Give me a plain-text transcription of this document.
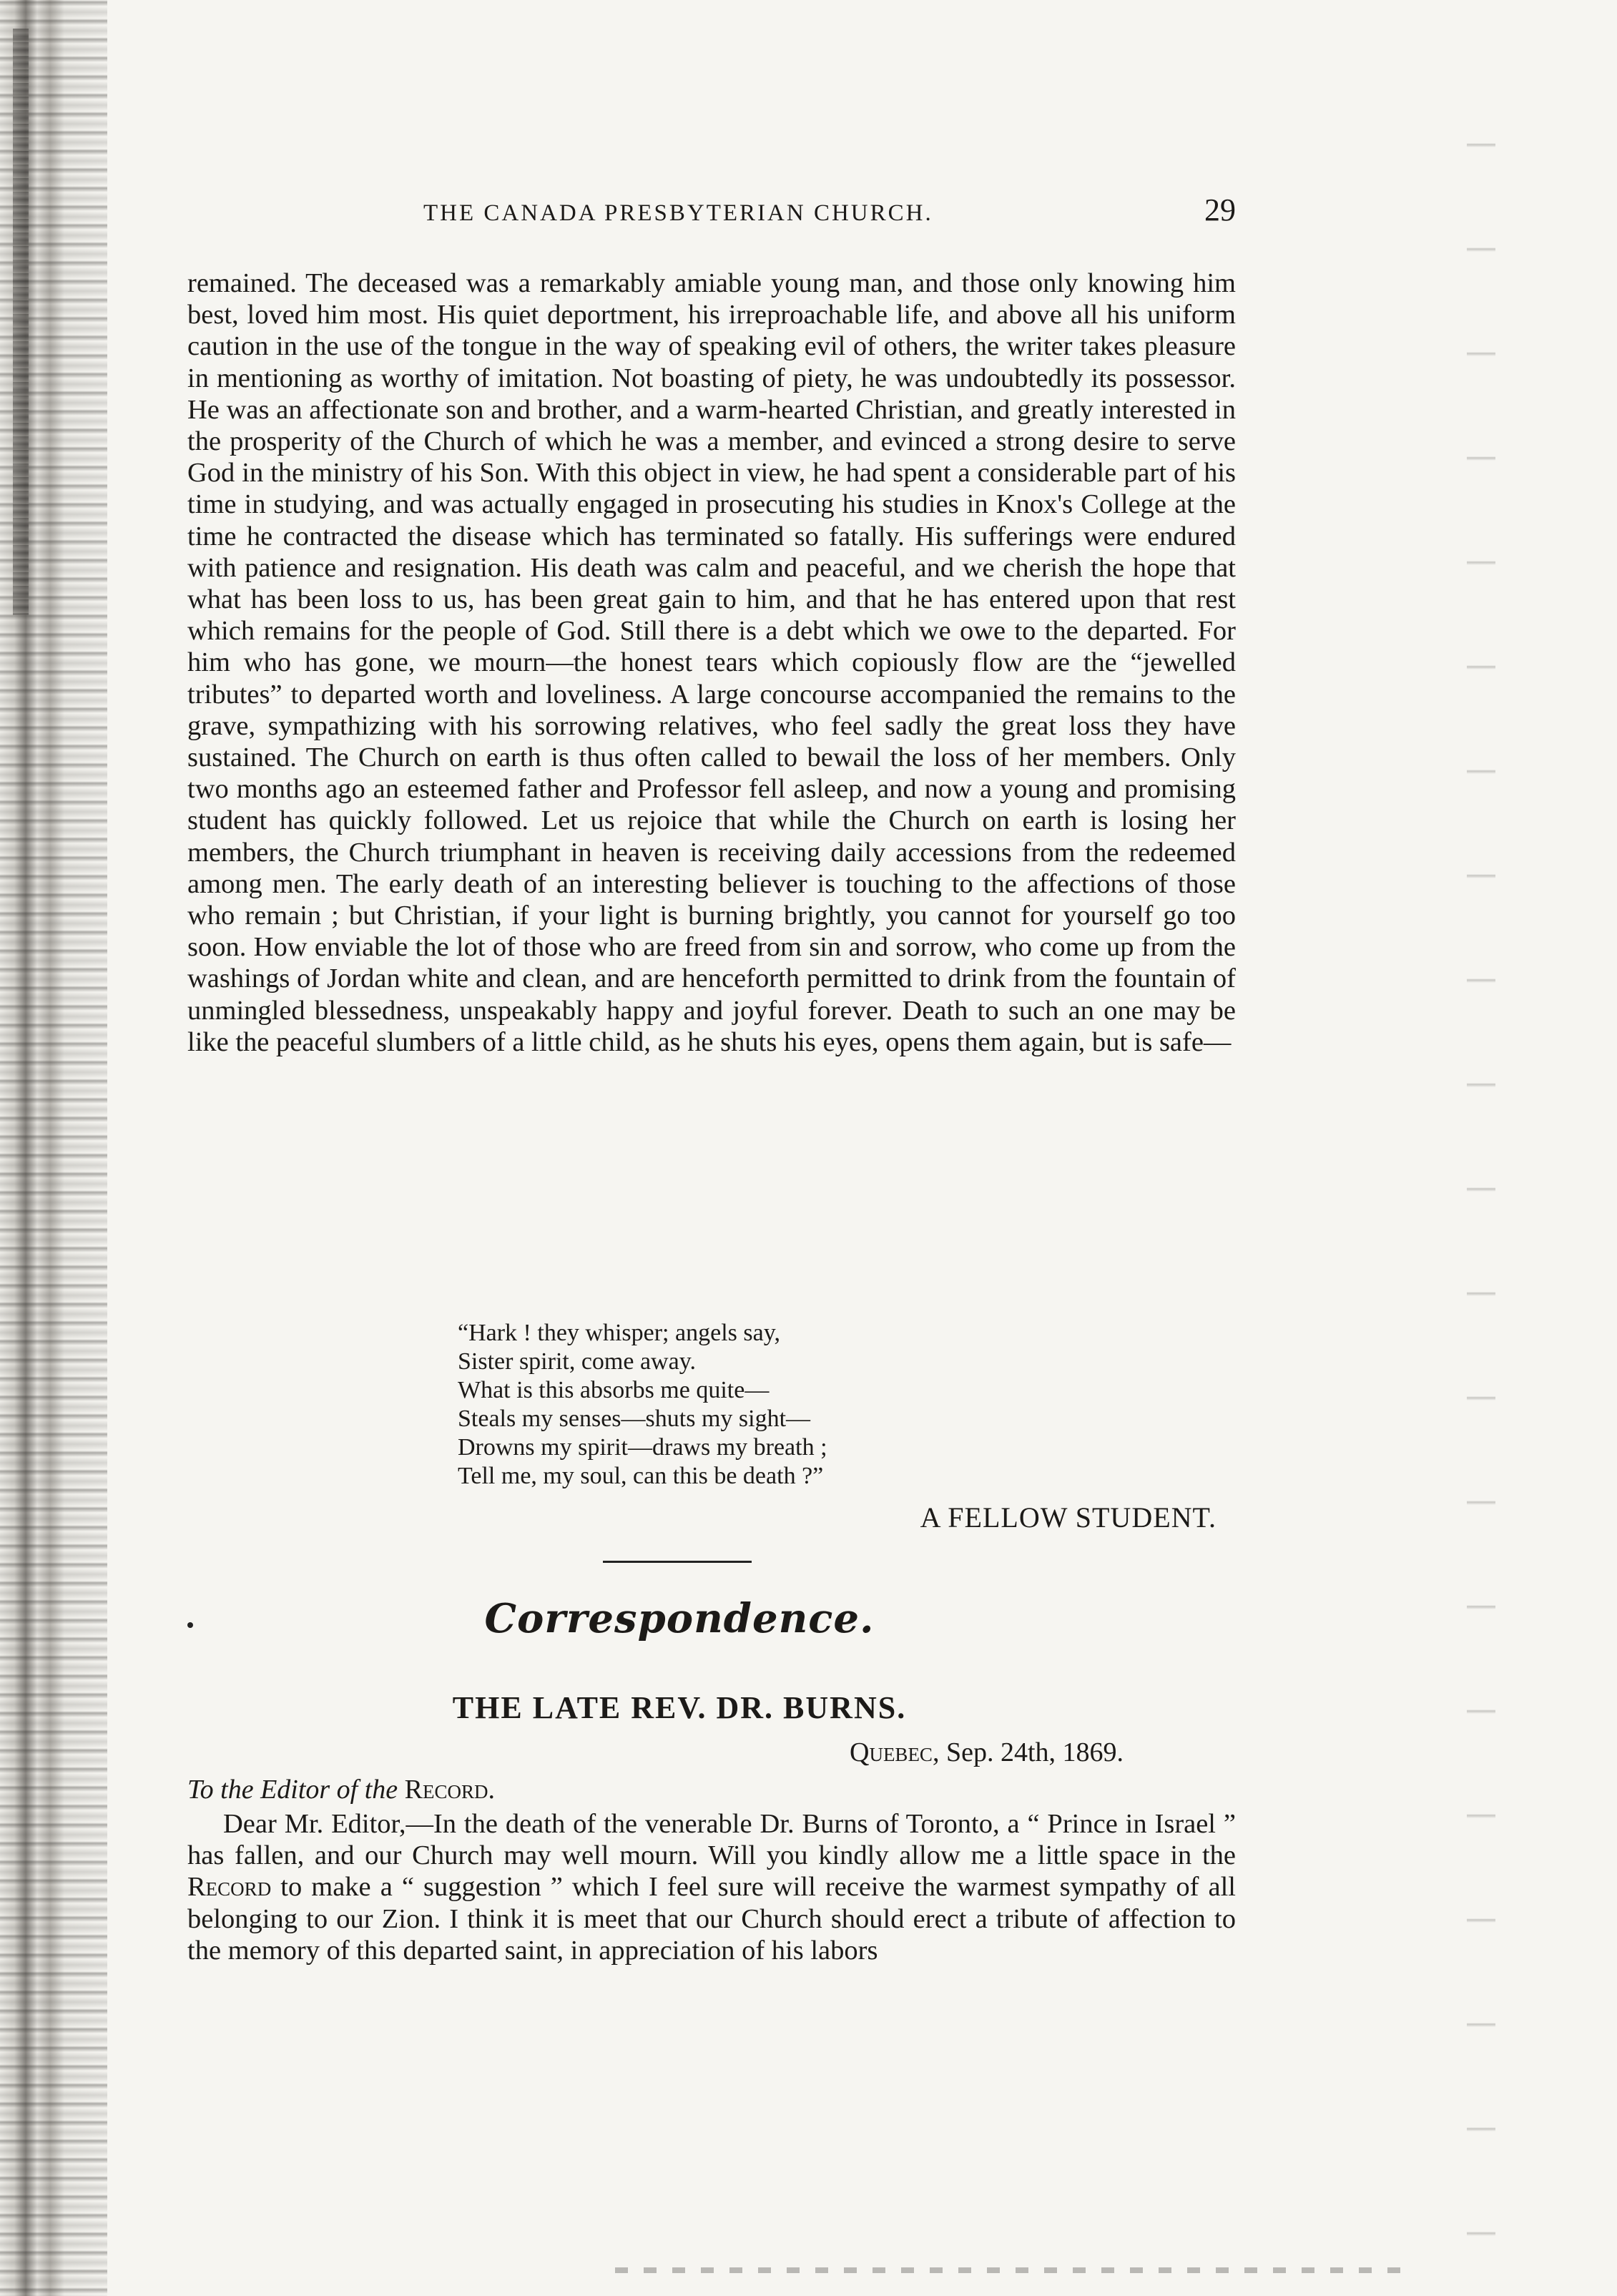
THE CANADA PRESBYTERIAN CHURCH.	29

remained. The deceased was a remarkably amiable young man, and those only knowing him best, loved him most. His quiet deportment, his irreproachable life, and above all his uniform caution in the use of the tongue in the way of speaking evil of others, the writer takes pleasure in mentioning as worthy of imitation. Not boasting of piety, he was undoubtedly its possessor. He was an affectionate son and brother, and a warm-hearted Christian, and greatly interested in the prosperity of the Church of which he was a member, and evinced a strong desire to serve God in the ministry of his Son. With this object in view, he had spent a considerable part of his time in studying, and was actually engaged in prosecuting his studies in Knox's College at the time he contracted the disease which has terminated so fatally. His sufferings were endured with patience and resignation. His death was calm and peaceful, and we cherish the hope that what has been loss to us, has been great gain to him, and that he has entered upon that rest which remains for the people of God. Still there is a debt which we owe to the departed. For him who has gone, we mourn—the honest tears which copiously flow are the “jewelled tributes” to departed worth and loveliness. A large concourse accompanied the remains to the grave, sympathizing with his sorrowing relatives, who feel sadly the great loss they have sustained. The Church on earth is thus often called to bewail the loss of her members. Only two months ago an esteemed father and Professor fell asleep, and now a young and promising student has quickly followed. Let us rejoice that while the Church on earth is losing her members, the Church triumphant in heaven is receiving daily accessions from the redeemed among men. The early death of an interesting believer is touching to the affections of those who remain ; but Christian, if your light is burning brightly, you cannot for yourself go too soon. How enviable the lot of those who are freed from sin and sorrow, who come up from the washings of Jordan white and clean, and are henceforth permitted to drink from the fountain of unmingled blessedness, unspeakably happy and joyful forever. Death to such an one may be like the peaceful slumbers of a little child, as he shuts his eyes, opens them again, but is safe—

“Hark ! they whisper; angels say,
Sister spirit, come away.
What is this absorbs me quite—
Steals my senses—shuts my sight—
Drowns my spirit—draws my breath ;
Tell me, my soul, can this be death ?”
A FELLOW STUDENT.
Correspondence.
THE LATE REV. DR. BURNS.
Quebec, Sep. 24th, 1869.
To the Editor of the Record.

Dear Mr. Editor,—In the death of the venerable Dr. Burns of Toronto, a “ Prince in Israel ” has fallen, and our Church may well mourn. Will you kindly allow me a little space in the Record to make a “ suggestion ” which I feel sure will receive the warmest sympathy of all belonging to our Zion. I think it is meet that our Church should erect a tribute of affection to the memory of this departed saint, in appreciation of his labors
